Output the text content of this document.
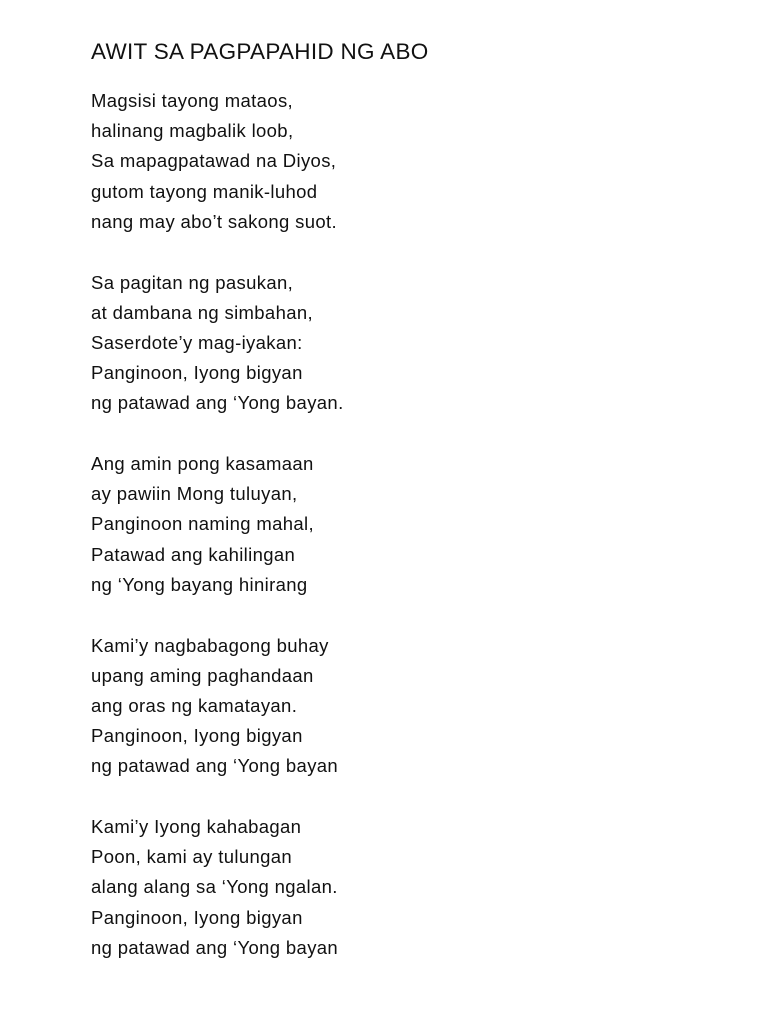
AWIT SA PAGPAPAHID NG ABO
Magsisi tayong mataos,
halinang magbalik loob,
Sa mapagpatawad na Diyos,
gutom tayong manik-luhod
nang may abo’t sakong suot.
Sa pagitan ng pasukan,
at dambana ng simbahan,
Saserdote’y mag-iyakan:
Panginoon, Iyong bigyan
ng patawad ang ‘Yong bayan.
Ang amin pong kasamaan
ay pawiin Mong tuluyan,
Panginoon naming mahal,
Patawad ang kahilingan
ng ‘Yong bayang hinirang
Kami’y nagbabagong buhay
upang aming paghandaan
ang oras ng kamatayan.
Panginoon, Iyong bigyan
ng patawad ang ‘Yong bayan
Kami’y Iyong kahabagan
Poon, kami ay tulungan
alang alang sa ‘Yong ngalan.
Panginoon, Iyong bigyan
ng patawad ang ‘Yong bayan
